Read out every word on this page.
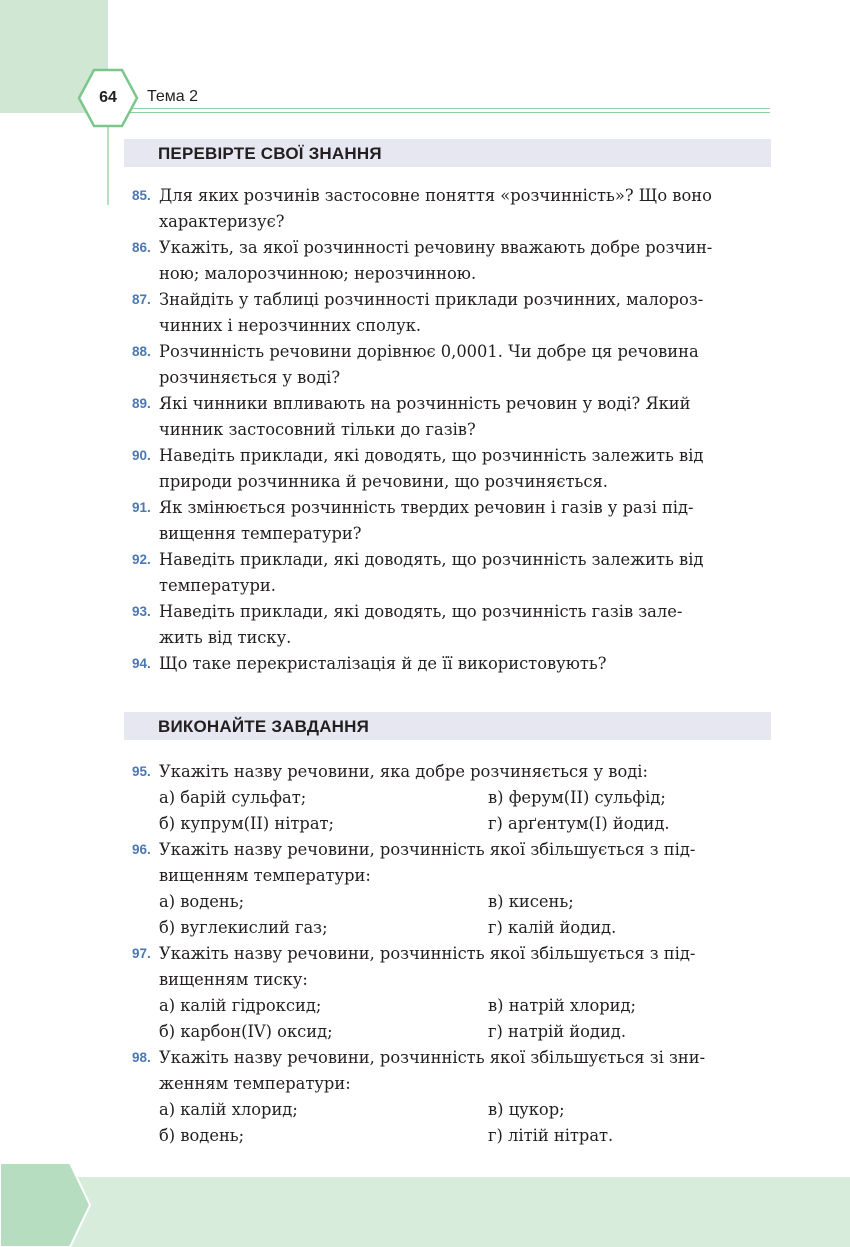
64	Тема 2
ПЕРЕВІРТЕ СВОЇ ЗНАННЯ
85. Для яких розчинів застосовне поняття «розчинність»? Що воно
характеризує?
86. Укажіть, за якої розчинності речовину вважають добре розчин-
ною; малорозчинною; нерозчинною.
87. Знайдіть у таблиці розчинності приклади розчинних, малороз-
чинних і нерозчинних сполук.
88. Розчинність речовини дорівнює 0,0001. Чи добре ця речовина
розчиняється у воді?
89. Які чинники впливають на розчинність речовин у воді? Який
чинник застосовний тільки до газів?
90. Наведіть приклади, які доводять, що розчинність залежить від
природи розчинника й речовини, що розчиняється.
91. Як змінюється розчинність твердих речовин і газів у разі під-
вищення температури?
92. Наведіть приклади, які доводять, що розчинність залежить від
температури.
93. Наведіть приклади, які доводять, що розчинність газів зале-
жить від тиску.
94. Що таке перекристалізація й де її використовують?
ВИКОНАЙТЕ ЗАВДАННЯ
95. Укажіть назву речовини, яка добре розчиняється у воді:
а) барій сульфат;	в) ферум(II) сульфід;
б) купрум(II) нітрат;	г) арґентум(I) йодид.
96. Укажіть назву речовини, розчинність якої збільшується з під-
вищенням температури:
а) водень;	в) кисень;
б) вуглекислий газ;	г) калій йодид.
97. Укажіть назву речовини, розчинність якої збільшується з під-
вищенням тиску:
а) калій гідроксид;	в) натрій хлорид;
б) карбон(IV) оксид;	г) натрій йодид.
98. Укажіть назву речовини, розчинність якої збільшується зі зни-
женням температури:
а) калій хлорид;	в) цукор;
б) водень;	г) літій нітрат.
